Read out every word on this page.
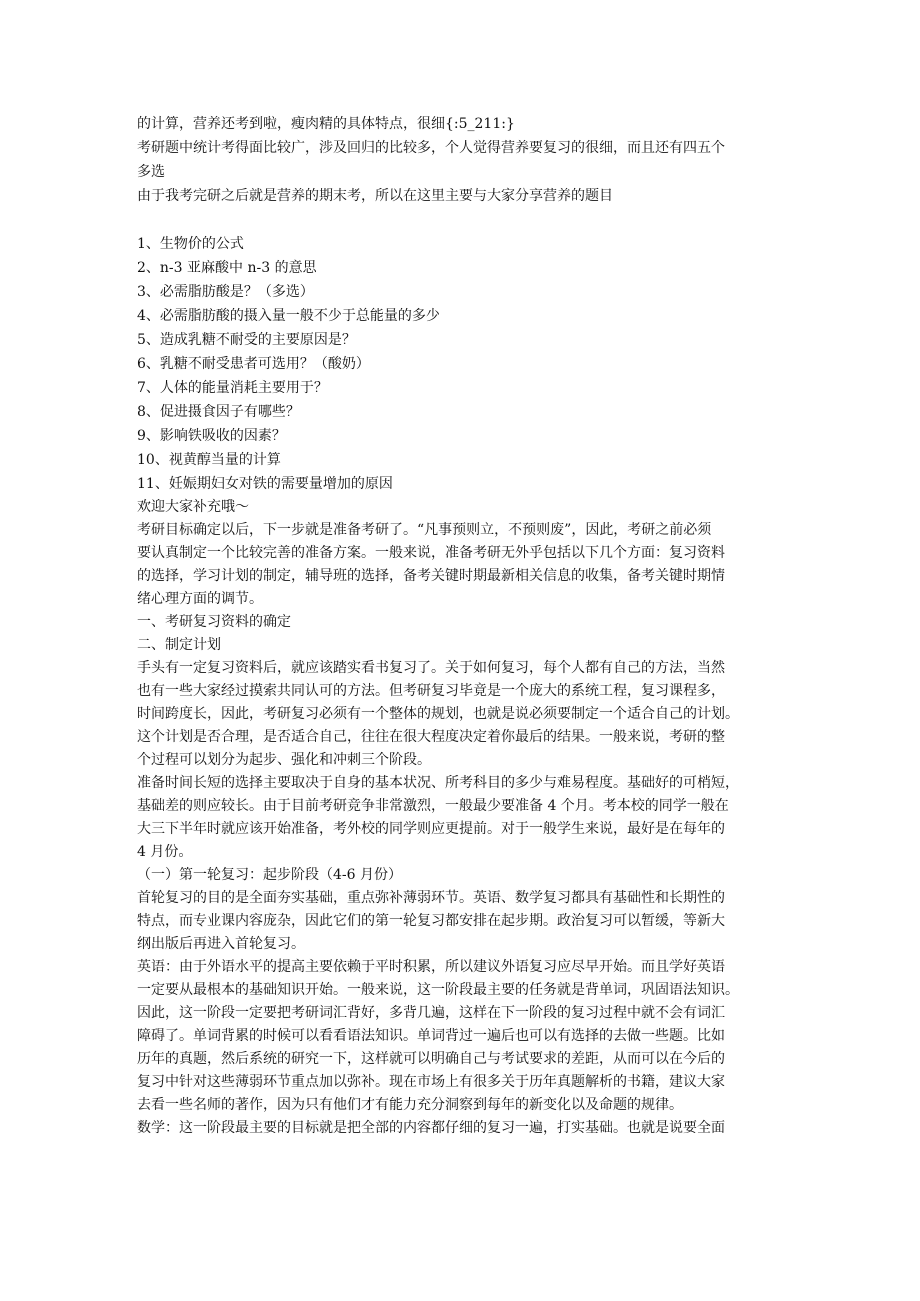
的计算，营养还考到啦，瘦肉精的具体特点，很细{:5_211:}
考研题中统计考得面比较广，涉及回归的比较多，个人觉得营养要复习的很细，而且还有四五个
多选
由于我考完研之后就是营养的期末考，所以在这里主要与大家分享营养的题目
1、生物价的公式
2、n-3 亚麻酸中 n-3 的意思
3、必需脂肪酸是？（多选）
4、必需脂肪酸的摄入量一般不少于总能量的多少
5、造成乳糖不耐受的主要原因是？
6、乳糖不耐受患者可选用？（酸奶）
7、人体的能量消耗主要用于？
8、促进摄食因子有哪些？
9、影响铁吸收的因素？
10、视黄醇当量的计算
11、妊娠期妇女对铁的需要量增加的原因
欢迎大家补充哦～
考研目标确定以后，下一步就是准备考研了。“凡事预则立，不预则废”，因此，考研之前必须
要认真制定一个比较完善的准备方案。一般来说，准备考研无外乎包括以下几个方面：复习资料
的选择，学习计划的制定，辅导班的选择，备考关键时期最新相关信息的收集，备考关键时期情
绪心理方面的调节。
一、考研复习资料的确定
二、制定计划
手头有一定复习资料后，就应该踏实看书复习了。关于如何复习，每个人都有自己的方法，当然
也有一些大家经过摸索共同认可的方法。但考研复习毕竟是一个庞大的系统工程，复习课程多，
时间跨度长，因此，考研复习必须有一个整体的规划，也就是说必须要制定一个适合自己的计划。
这个计划是否合理，是否适合自己，往往在很大程度决定着你最后的结果。一般来说，考研的整
个过程可以划分为起步、强化和冲刺三个阶段。
准备时间长短的选择主要取决于自身的基本状况、所考科目的多少与难易程度。基础好的可梢短，
基础差的则应较长。由于目前考研竞争非常激烈，一般最少要准备 4 个月。考本校的同学一般在
大三下半年时就应该开始准备，考外校的同学则应更提前。对于一般学生来说，最好是在每年的
4 月份。
（一）第一轮复习：起步阶段（4-6 月份）
首轮复习的目的是全面夯实基础，重点弥补薄弱环节。英语、数学复习都具有基础性和长期性的
特点，而专业课内容庞杂，因此它们的第一轮复习都安排在起步期。政治复习可以暂缓，等新大
纲出版后再进入首轮复习。
英语：由于外语水平的提高主要依赖于平时积累，所以建议外语复习应尽早开始。而且学好英语
一定要从最根本的基础知识开始。一般来说，这一阶段最主要的任务就是背单词，巩固语法知识。
因此，这一阶段一定要把考研词汇背好，多背几遍，这样在下一阶段的复习过程中就不会有词汇
障碍了。单词背累的时候可以看看语法知识。单词背过一遍后也可以有选择的去做一些题。比如
历年的真题，然后系统的研究一下，这样就可以明确自己与考试要求的差距，从而可以在今后的
复习中针对这些薄弱环节重点加以弥补。现在市场上有很多关于历年真题解析的书籍，建议大家
去看一些名师的著作，因为只有他们才有能力充分洞察到每年的新变化以及命题的规律。
数学：这一阶段最主要的目标就是把全部的内容都仔细的复习一遍，打实基础。也就是说要全面
